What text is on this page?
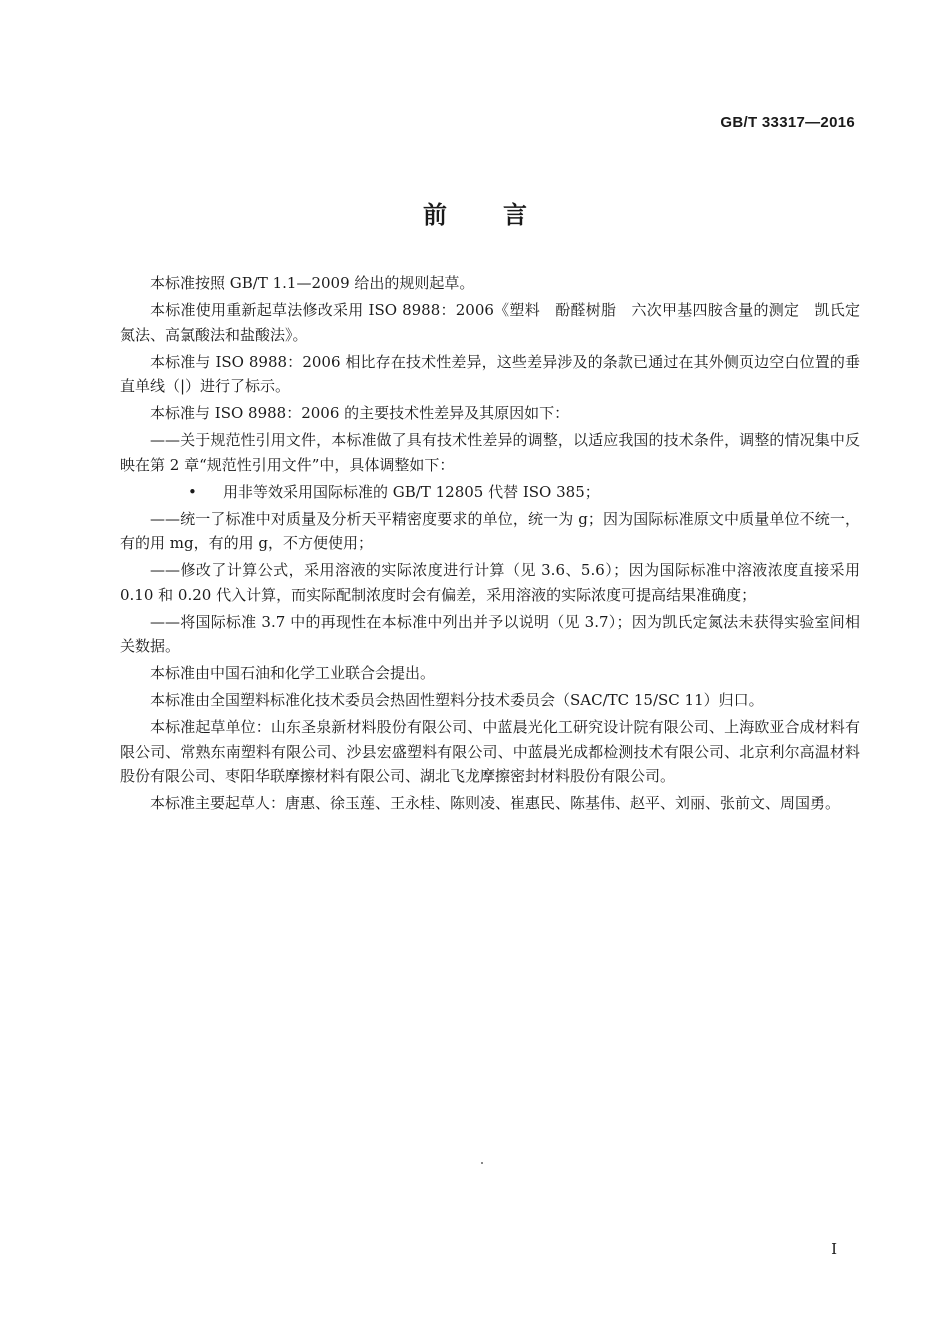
GB/T 33317—2016
前言

本标准按照 GB/T 1.1—2009 给出的规则起草。

本标准使用重新起草法修改采用 ISO 8988：2006《塑料　酚醛树脂　六次甲基四胺含量的测定　凯氏定氮法、高氯酸法和盐酸法》。

本标准与 ISO 8988：2006 相比存在技术性差异，这些差异涉及的条款已通过在其外侧页边空白位置的垂直单线（|）进行了标示。

本标准与 ISO 8988：2006 的主要技术性差异及其原因如下：

——关于规范性引用文件，本标准做了具有技术性差异的调整，以适应我国的技术条件，调整的情况集中反映在第 2 章“规范性引用文件”中，具体调整如下：

• 用非等效采用国际标准的 GB/T 12805 代替 ISO 385；

——统一了标准中对质量及分析天平精密度要求的单位，统一为 g；因为国际标准原文中质量单位不统一，有的用 mg，有的用 g，不方便使用；

——修改了计算公式，采用溶液的实际浓度进行计算（见 3.6、5.6）；因为国际标准中溶液浓度直接采用 0.10 和 0.20 代入计算，而实际配制浓度时会有偏差，采用溶液的实际浓度可提高结果准确度；

——将国际标准 3.7 中的再现性在本标准中列出并予以说明（见 3.7）；因为凯氏定氮法未获得实验室间相关数据。

本标准由中国石油和化学工业联合会提出。

本标准由全国塑料标准化技术委员会热固性塑料分技术委员会（SAC/TC 15/SC 11）归口。

本标准起草单位：山东圣泉新材料股份有限公司、中蓝晨光化工研究设计院有限公司、上海欧亚合成材料有限公司、常熟东南塑料有限公司、沙县宏盛塑料有限公司、中蓝晨光成都检测技术有限公司、北京利尔高温材料股份有限公司、枣阳华联摩擦材料有限公司、湖北飞龙摩擦密封材料股份有限公司。

本标准主要起草人：唐惠、徐玉莲、王永桂、陈则凌、崔惠民、陈基伟、赵平、刘丽、张前文、周国勇。

I
